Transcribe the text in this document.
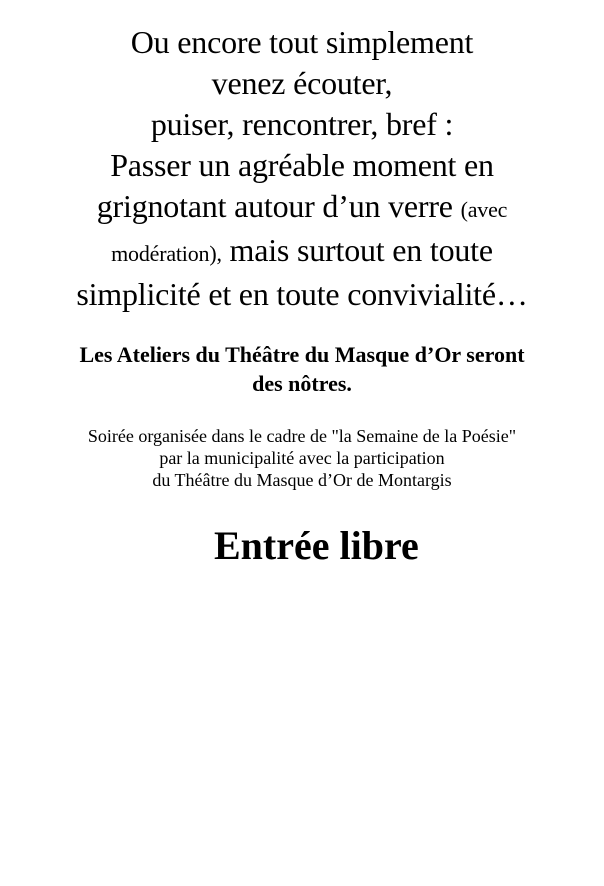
Ou encore tout simplement
venez écouter,
puiser, rencontrer, bref :
Passer un agréable moment en
grignotant autour d’un verre (avec
modération), mais surtout en toute
simplicité et en toute convivialité…
Les Ateliers du Théâtre du Masque d’Or seront
des nôtres.
Soirée organisée dans le cadre de "la Semaine de la Poésie"
par la municipalité avec la participation
du Théâtre du Masque d’Or de Montargis
Entrée libre
